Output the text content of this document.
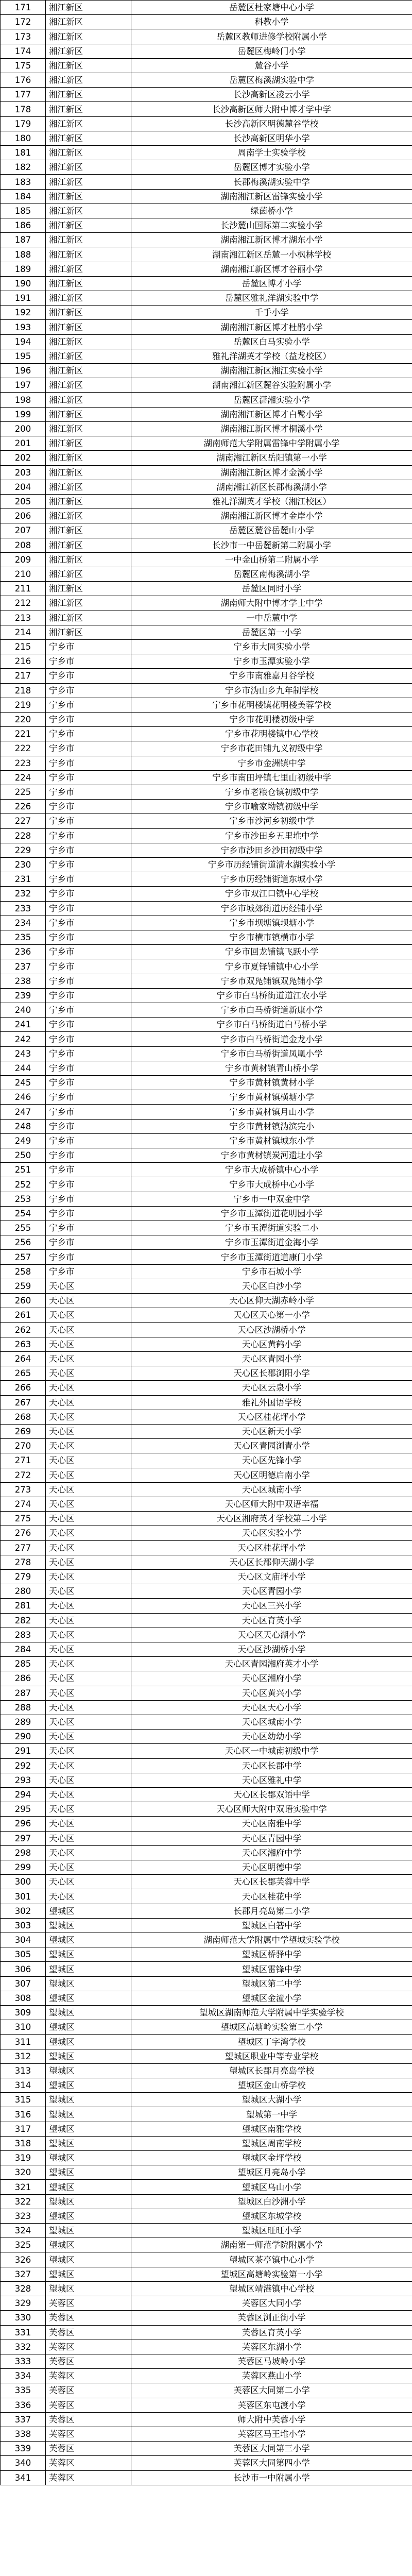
171	湘江新区	岳麓区杜家塘中心小学
172	湘江新区	科教小学
173	湘江新区	岳麓区教师进修学校附属小学
174	湘江新区	岳麓区梅岭门小学
175	湘江新区	麓谷小学
176	湘江新区	岳麓区梅溪湖实验中学
177	湘江新区	长沙高新区凌云小学
178	湘江新区	长沙高新区师大附中博才学中学
179	湘江新区	长沙高新区明德麓谷学校
180	湘江新区	长沙高新区明华小学
181	湘江新区	周南学士实验学校
182	湘江新区	岳麓区博才实验小学
183	湘江新区	长郡梅溪湖实验中学
184	湘江新区	湖南湘江新区雷锋实验小学
185	湘江新区	绿茵桥小学
186	湘江新区	长沙麓山国际第二实验小学
187	湘江新区	湖南湘江新区博才湖东小学
188	湘江新区	湖南湘江新区岳麓一小枫林学校
189	湘江新区	湖南湘江新区博才谷丽小学
190	湘江新区	岳麓区博才小学
191	湘江新区	岳麓区雅礼洋湖实验中学
192	湘江新区	千手小学
193	湘江新区	湖南湘江新区博才杜鹃小学
194	湘江新区	岳麓区白马实验小学
195	湘江新区	雅礼洋湖英才学校（益龙校区）
196	湘江新区	湖南湘江新区湘江实验小学
197	湘江新区	湖南湘江新区麓谷实验附属小学
198	湘江新区	岳麓区潇湘实验小学
199	湘江新区	湖南湘江新区博才白鹭小学
200	湘江新区	湖南湘江新区博才桐溪小学
201	湘江新区	湖南师范大学附属雷锋中学附属小学
202	湘江新区	湖南湘江新区岳阳镇第一小学
203	湘江新区	湖南湘江新区博才金溪小学
204	湘江新区	湖南湘江新区长郡梅溪湖小学
205	湘江新区	雅礼洋湖英才学校（湘江校区）
206	湘江新区	湖南湘江新区博才金岸小学
207	湘江新区	岳麓区麓谷岳麓山小学
208	湘江新区	长沙市一中岳麓新第二附属小学
209	湘江新区	一中金山桥第二附属小学
210	湘江新区	岳麓区南梅溪湖小学
211	湘江新区	岳麓区同时小学
212	湘江新区	湖南师大附中博才学士中学
213	湘江新区	一中岳麓中学
214	湘江新区	岳麓区第一小学
215	宁乡市	宁乡市大同实验小学
216	宁乡市	宁乡市玉潭实验小学
217	宁乡市	宁乡市南雅嘉月谷学校
218	宁乡市	宁乡市沩山乡九年制学校
219	宁乡市	宁乡市花明楼镇花明楼美蓉学校
220	宁乡市	宁乡市花明楼初级中学
221	宁乡市	宁乡市花明楼镇中心学校
222	宁乡市	宁乡市花田铺九义初级中学
223	宁乡市	宁乡市金洲镇中学
224	宁乡市	宁乡市南田坪镇七里山初级中学
225	宁乡市	宁乡市老粮仓镇初级中学
226	宁乡市	宁乡市喻家坳镇初级中学
227	宁乡市	宁乡市沙河乡初级中学
228	宁乡市	宁乡市沙田乡五里堆中学
229	宁乡市	宁乡市沙田乡沙田初级中学
230	宁乡市	宁乡市历经铺街道清水湖实验小学
231	宁乡市	宁乡市历经铺街道东城小学
232	宁乡市	宁乡市双江口镇中心学校
233	宁乡市	宁乡市城郊街道历经铺小学
234	宁乡市	宁乡市坝塘镇坝塘小学
235	宁乡市	宁乡市横市镇横市小学
236	宁乡市	宁乡市回龙铺镇飞跃小学
237	宁乡市	宁乡市夏铎铺镇中心小学
238	宁乡市	宁乡市双凫铺镇双凫铺小学
239	宁乡市	宁乡市白马桥街道道江农小学
240	宁乡市	宁乡市白马桥街道新康小学
241	宁乡市	宁乡市白马桥街道白马桥小学
242	宁乡市	宁乡市白马桥街道金龙小学
243	宁乡市	宁乡市白马桥街道凤凰小学
244	宁乡市	宁乡市黄材镇青山桥小学
245	宁乡市	宁乡市黄材镇黄材小学
246	宁乡市	宁乡市黄材镇横塘小学
247	宁乡市	宁乡市黄材镇月山小学
248	宁乡市	宁乡市黄材镇沩滨完小
249	宁乡市	宁乡市黄材镇城东小学
250	宁乡市	宁乡市黄材镇炭河遗址小学
251	宁乡市	宁乡市大成桥镇中心小学
252	宁乡市	宁乡市大成桥中心小学
253	宁乡市	宁乡市一中双金中学
254	宁乡市	宁乡市玉潭街道花明园小学
255	宁乡市	宁乡市玉潭街道实验二小
256	宁乡市	宁乡市玉潭街道金海小学
257	宁乡市	宁乡市玉潭街道道康门小学
258	宁乡市	宁乡市石城小学
259	天心区	天心区白沙小学
260	天心区	天心区仰天湖赤岭小学
261	天心区	天心区天心第一小学
262	天心区	天心区沙湖桥小学
263	天心区	天心区黄鹤小学
264	天心区	天心区青园小学
265	天心区	天心区长郡浏阳小学
266	天心区	天心区云泉小学
267	天心区	雅礼外国语学校
268	天心区	天心区桂花坪小学
269	天心区	天心区新天小学
270	天心区	天心区青园浏青小学
271	天心区	天心区先锋小学
272	天心区	天心区明德启南小学
273	天心区	天心区城南小学
274	天心区	天心区师大附中双语幸福
275	天心区	天心区湘府英才学校第二小学
276	天心区	天心区实验小学
277	天心区	天心区桂花坪小学
278	天心区	天心区长郡仰天湖小学
279	天心区	天心区文庙坪小学
280	天心区	天心区青园小学
281	天心区	天心区三兴小学
282	天心区	天心区育英小学
283	天心区	天心区天心湖小学
284	天心区	天心区沙湖桥小学
285	天心区	天心区青园湘府英才小学
286	天心区	天心区湘府小学
287	天心区	天心区黄兴小学
288	天心区	天心区天心小学
289	天心区	天心区城南小学
290	天心区	天心区幼幼小学
291	天心区	天心区一中城南初级中学
292	天心区	天心区长郡中学
293	天心区	天心区雅礼中学
294	天心区	天心区长郡双语中学
295	天心区	天心区师大附中双语实验中学
296	天心区	天心区南雅中学
297	天心区	天心区青园中学
298	天心区	天心区湘府中学
299	天心区	天心区明德中学
300	天心区	天心区长郡芙蓉中学
301	天心区	天心区桂花中学
302	望城区	长郡月亮岛第二小学
303	望城区	望城区白箬中学
304	望城区	湖南师范大学附属中学望城实验学校
305	望城区	望城区桥驿中学
306	望城区	望城区雷锋中学
307	望城区	望城区第二中学
308	望城区	望城区金潼小学
309	望城区	望城区湖南师范大学附属中学实验学校
310	望城区	望城区高塘岭实验第二小学
311	望城区	望城区丁字湾学校
312	望城区	望城区职业中等专业学校
313	望城区	望城区长郡月亮岛学校
314	望城区	望城区金山桥学校
315	望城区	望城区大湖小学
316	望城区	望城第一中学
317	望城区	望城区南雅学校
318	望城区	望城区周南学校
319	望城区	望城区金坪学校
320	望城区	望城区月亮岛小学
321	望城区	望城区乌山小学
322	望城区	望城区白沙洲小学
323	望城区	望城区东城学校
324	望城区	望城区旺旺小学
325	望城区	湖南第一师范学院附属小学
326	望城区	望城区茶亭镇中心小学
327	望城区	望城区高塘岭实验第一小学
328	望城区	望城区靖港镇中心学校
329	芙蓉区	芙蓉区大同小学
330	芙蓉区	芙蓉区浏正街小学
331	芙蓉区	芙蓉区育英小学
332	芙蓉区	芙蓉区东湖小学
333	芙蓉区	芙蓉区马坡岭小学
334	芙蓉区	芙蓉区燕山小学
335	芙蓉区	芙蓉区大同第二小学
336	芙蓉区	芙蓉区东屯渡小学
337	芙蓉区	师大附中芙蓉小学
338	芙蓉区	芙蓉区马王堆小学
339	芙蓉区	芙蓉区大同第三小学
340	芙蓉区	芙蓉区大同第四小学
341	芙蓉区	长沙市一中附属小学
